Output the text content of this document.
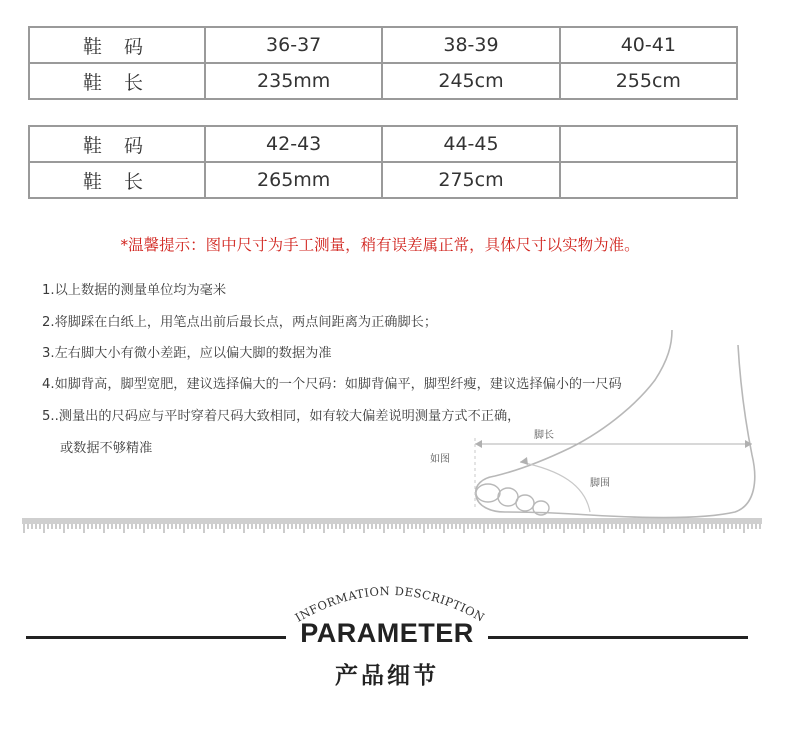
鞋 码	36-37	38-39	40-41
鞋 长	235mm	245cm	255cm
鞋 码	42-43	44-45	
鞋 长	265mm	275cm	
*温馨提示：图中尺寸为手工测量，稍有误差属正常，具体尺寸以实物为准。
脚长
如图
脚围
1.以上数据的测量单位均为毫米
2.将脚踩在白纸上，用笔点出前后最长点，两点间距离为正确脚长；
3.左右脚大小有微小差距，应以偏大脚的数据为准
4.如脚背高，脚型宽肥，建议选择偏大的一个尺码：如脚背偏平，脚型纤瘦，建议选择偏小的一尺码
5..测量出的尺码应与平时穿着尺码大致相同，如有较大偏差说明测量方式不正确，
或数据不够精准
INFORMATION DESCRIPTION
PARAMETER
产品细节
